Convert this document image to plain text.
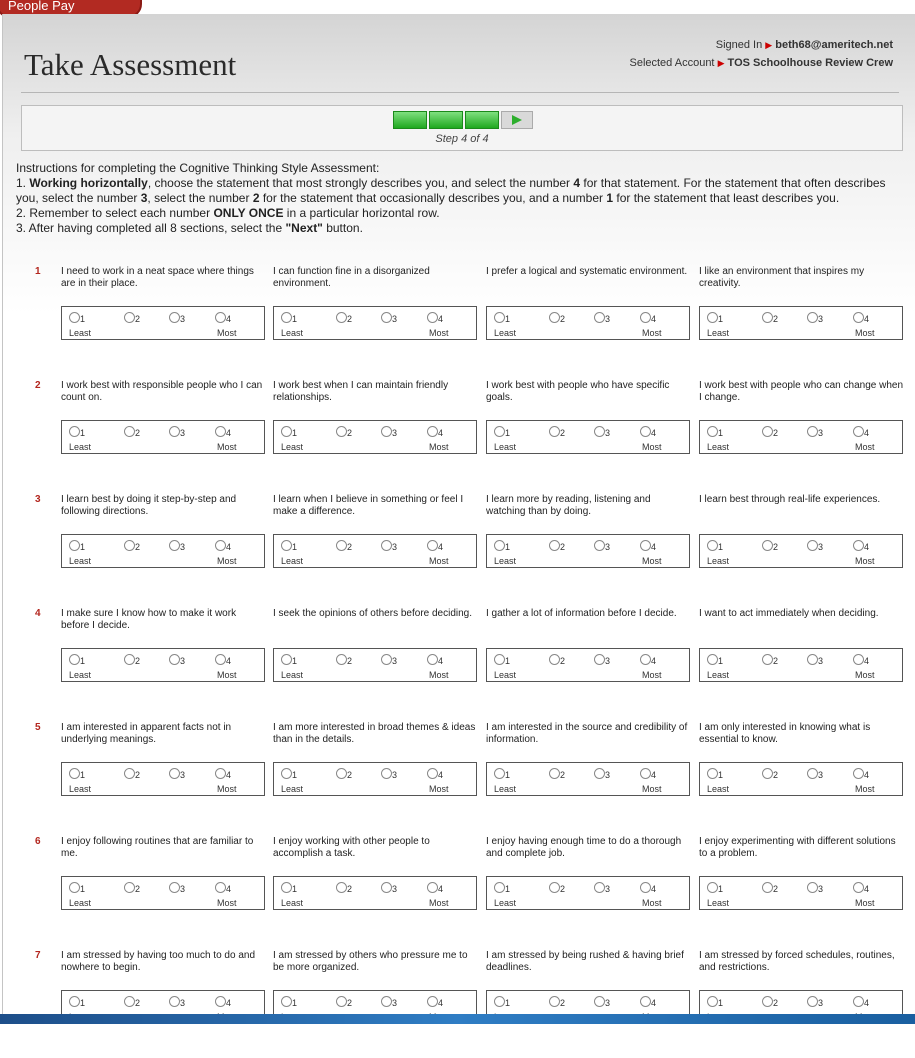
People Pay
Take Assessment
Signed In ▶ beth68@ameritech.net
Selected Account ▶ TOS Schoolhouse Review Crew
Step 4 of 4

Instructions for completing the Cognitive Thinking Style Assessment:

1. Working horizontally, choose the statement that most strongly describes you, and select the number 4 for that statement. For the statement that often describes you, select the number 3, select the number 2 for the statement that occasionally describes you, and a number 1 for the statement that least describes you.

2. Remember to select each number ONLY ONCE in a particular horizontal row.

3. After having completed all 8 sections, select the "Next" button.

1 I need to work in a neat space where things are in their place.
$_1$	$_2$	$_3$	$_4$
Least	Most
I can function fine in a disorganized environment.
$_1$	$_2$	$_3$	$_4$
Least	Most
I prefer a logical and systematic environment.
$_1$	$_2$	$_3$	$_4$
Least	Most
I like an environment that inspires my creativity.
$_1$	$_2$	$_3$	$_4$
Least	Most
2 I work best with responsible people who I can count on.
$_1$	$_2$	$_3$	$_4$
Least	Most
I work best when I can maintain friendly relationships.
$_1$	$_2$	$_3$	$_4$
Least	Most
I work best with people who have specific goals.
$_1$	$_2$	$_3$	$_4$
Least	Most
I work best with people who can change when I change.
$_1$	$_2$	$_3$	$_4$
Least	Most
3 I learn best by doing it step-by-step and following directions.
$_1$	$_2$	$_3$	$_4$
Least	Most
I learn when I believe in something or feel I make a difference.
$_1$	$_2$	$_3$	$_4$
Least	Most
I learn more by reading, listening and watching than by doing.
$_1$	$_2$	$_3$	$_4$
Least	Most
I learn best through real-life experiences.
$_1$	$_2$	$_3$	$_4$
Least	Most
4 I make sure I know how to make it work before I decide.
$_1$	$_2$	$_3$	$_4$
Least	Most
I seek the opinions of others before deciding.
$_1$	$_2$	$_3$	$_4$
Least	Most
I gather a lot of information before I decide.
$_1$	$_2$	$_3$	$_4$
Least	Most
I want to act immediately when deciding.
$_1$	$_2$	$_3$	$_4$
Least	Most
5 I am interested in apparent facts not in underlying meanings.
$_1$	$_2$	$_3$	$_4$
Least	Most
I am more interested in broad themes & ideas than in the details.
$_1$	$_2$	$_3$	$_4$
Least	Most
I am interested in the source and credibility of information.
$_1$	$_2$	$_3$	$_4$
Least	Most
I am only interested in knowing what is essential to know.
$_1$	$_2$	$_3$	$_4$
Least	Most
6 I enjoy following routines that are familiar to me.
$_1$	$_2$	$_3$	$_4$
Least	Most
I enjoy working with other people to accomplish a task.
$_1$	$_2$	$_3$	$_4$
Least	Most
I enjoy having enough time to do a thorough and complete job.
$_1$	$_2$	$_3$	$_4$
Least	Most
I enjoy experimenting with different solutions to a problem.
$_1$	$_2$	$_3$	$_4$
Least	Most
7 I am stressed by having too much to do and nowhere to begin.
$_1$	$_2$	$_3$	$_4$
I am stressed by others who pressure me to be more organized.
$_1$	$_2$	$_3$	$_4$
I am stressed by being rushed & having brief deadlines.
$_1$	$_2$	$_3$	$_4$
I am stressed by forced schedules, routines, and restrictions.
$_1$	$_2$	$_3$	$_4$
